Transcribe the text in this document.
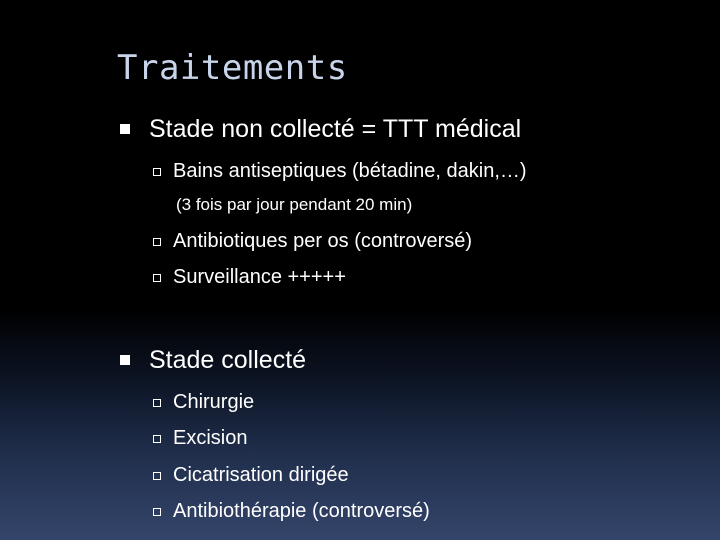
Traitements
Stade non collecté = TTT médical
Bains antiseptiques (bétadine, dakin,…)
(3 fois par jour pendant 20 min)
Antibiotiques per os (controversé)
Surveillance +++++
Stade collecté
Chirurgie
Excision
Cicatrisation dirigée
Antibiothérapie (controversé)
